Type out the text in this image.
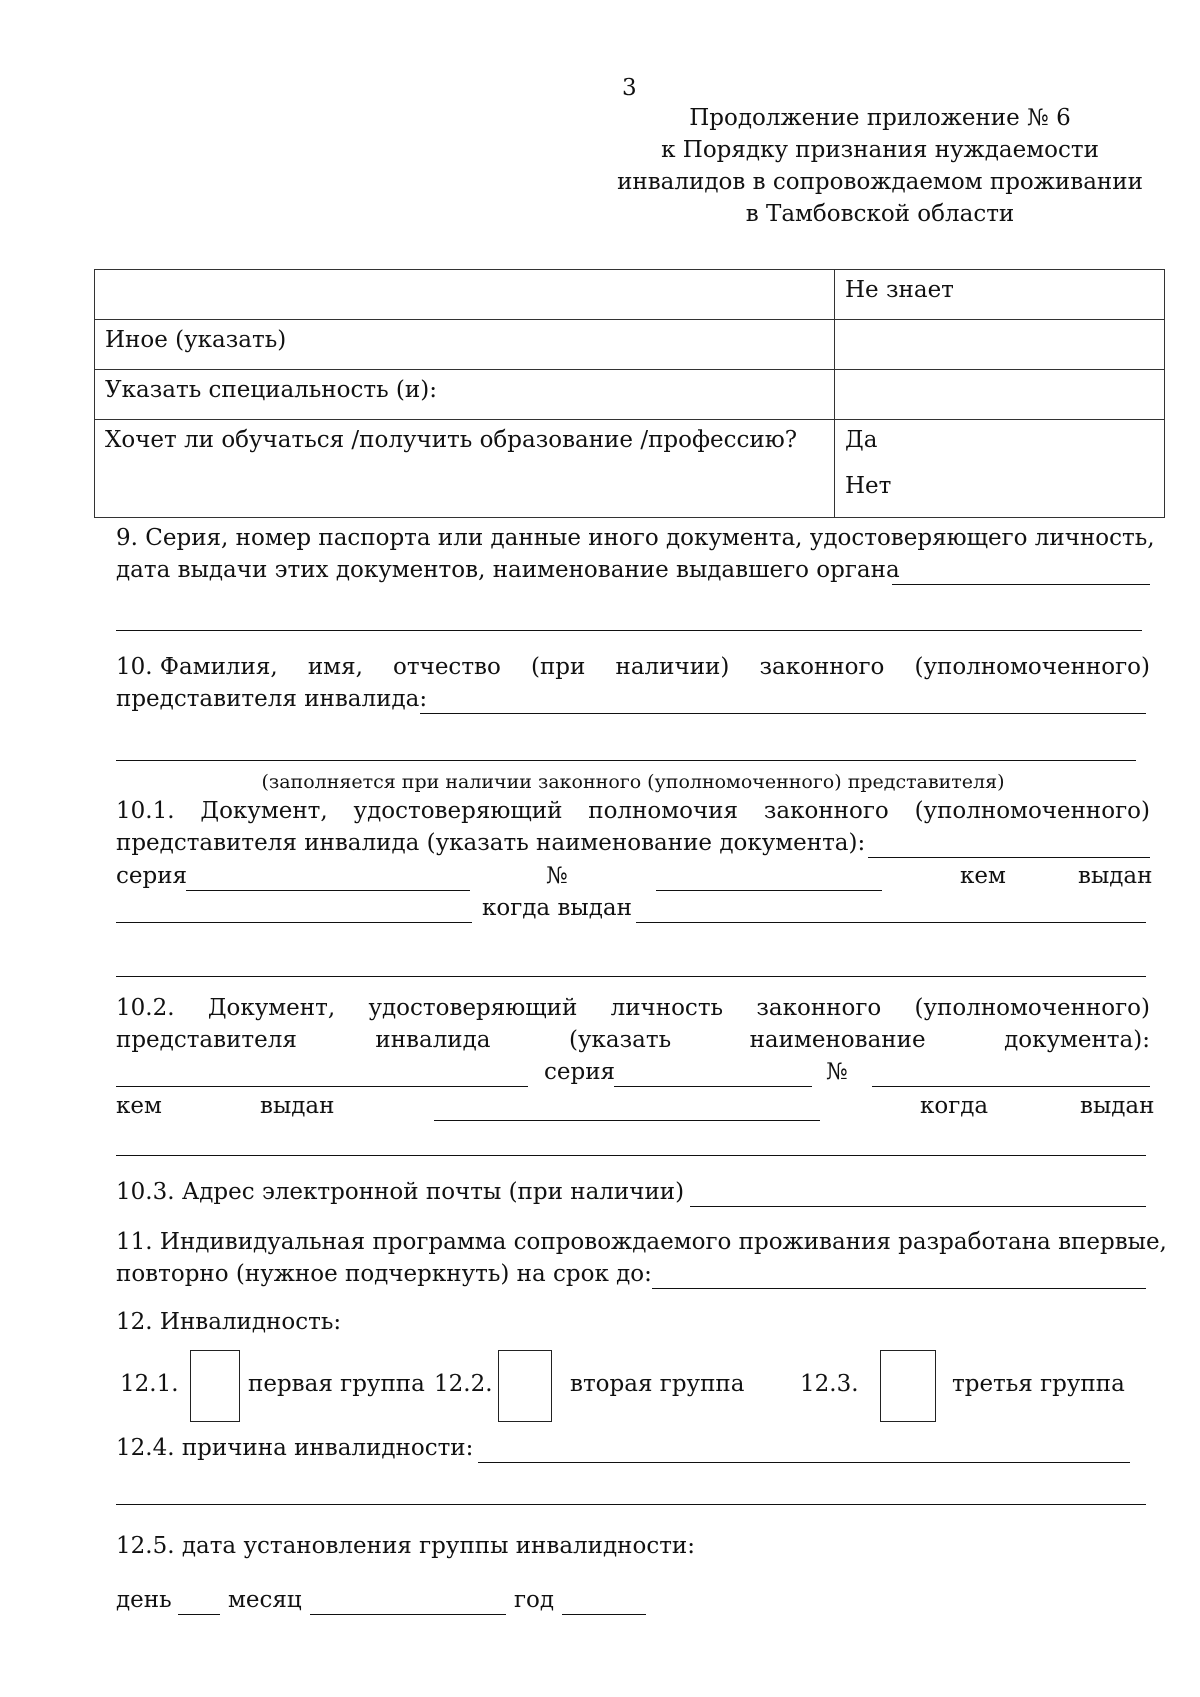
3
Продолжение приложение № 6
к Порядку признания нуждаемости
инвалидов в сопровождаемом проживании
в Тамбовской области
	Не знает
Иное (указать)	
Указать специальность (и):	
Хочет ли обучаться /получить образование /профессию?	Да
Нет
9. Серия, номер паспорта или данные иного документа, удостоверяющего личность,
дата выдачи этих документов, наименование выдавшего органа
10. Фамилия, имя, отчество (при наличии) законного (уполномоченного)
представителя инвалида:
(заполняется при наличии законного (уполномоченного) представителя)
10.1. Документ, удостоверяющий полномочия законного (уполномоченного)
представителя инвалида (указать наименование документа):
серия	№	кем	выдан
когда выдан
10.2. Документ, удостоверяющий личность законного (уполномоченного)
представителя	инвалида	(указать	наименование	документа):
серия	№
кем	выдан	когда	выдан
10.3. Адрес электронной почты (при наличии)
11. Индивидуальная программа сопровождаемого проживания разработана впервые,
повторно (нужное подчеркнуть) на срок до:
12. Инвалидность:
12.1.	первая группа 12.2.	вторая группа 12.3.	третья группа
12.4. причина инвалидности:
12.5. дата установления группы инвалидности:
день месяц	год
